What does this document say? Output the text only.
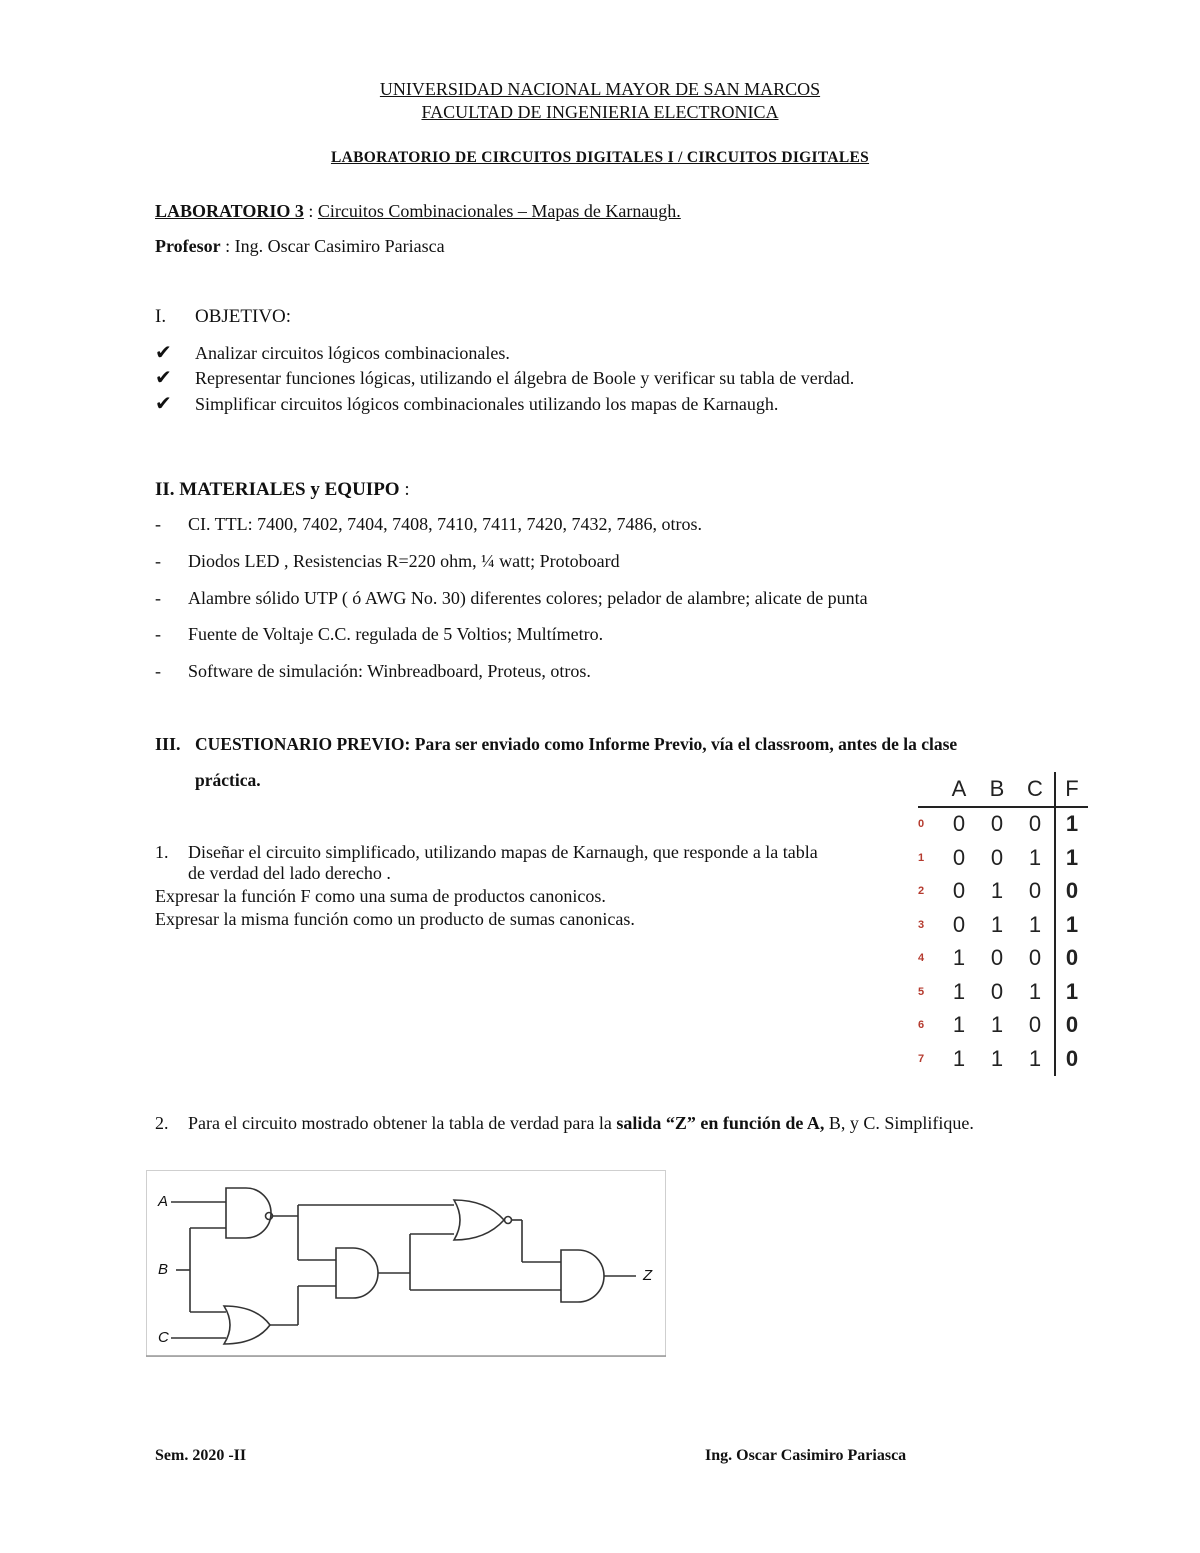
UNIVERSIDAD NACIONAL MAYOR DE SAN MARCOS
FACULTAD DE INGENIERIA ELECTRONICA
LABORATORIO DE CIRCUITOS DIGITALES I / CIRCUITOS DIGITALES
LABORATORIO 3 : Circuitos Combinacionales – Mapas de Karnaugh.
Profesor : Ing. Oscar Casimiro Pariasca
I. OBJETIVO:
✔ Analizar circuitos lógicos combinacionales.
✔ Representar funciones lógicas, utilizando el álgebra de Boole y verificar su tabla de verdad.
✔ Simplificar circuitos lógicos combinacionales utilizando los mapas de Karnaugh.
II. MATERIALES y EQUIPO :
- CI. TTL: 7400, 7402, 7404, 7408, 7410, 7411, 7420, 7432, 7486, otros.
- Diodos LED , Resistencias R=220 ohm, ¼ watt; Protoboard
- Alambre sólido UTP ( ó AWG No. 30) diferentes colores; pelador de alambre; alicate de punta
- Fuente de Voltaje C.C. regulada de 5 Voltios; Multímetro.
- Software de simulación: Winbreadboard, Proteus, otros.
III. CUESTIONARIO PREVIO: Para ser enviado como Informe Previo, vía el classroom, antes de la clase
práctica.
1. Diseñar el circuito simplificado, utilizando mapas de Karnaugh, que responde a la tabla
de verdad del lado derecho .
Expresar la función F como una suma de productos canonicos.
Expresar la misma función como un producto de sumas canonicas.
	A	B	C	F
0	0	0	0	1
1	0	0	1	1
2	0	1	0	0
3	0	1	1	1
4	1	0	0	0
5	1	0	1	1
6	1	1	0	0
7	1	1	1	0
2. Para el circuito mostrado obtener la tabla de verdad para la salida “Z” en función de A, B, y C. Simplifique.
A
B
C
Z
Sem. 2020 -II	Ing. Oscar Casimiro Pariasca
